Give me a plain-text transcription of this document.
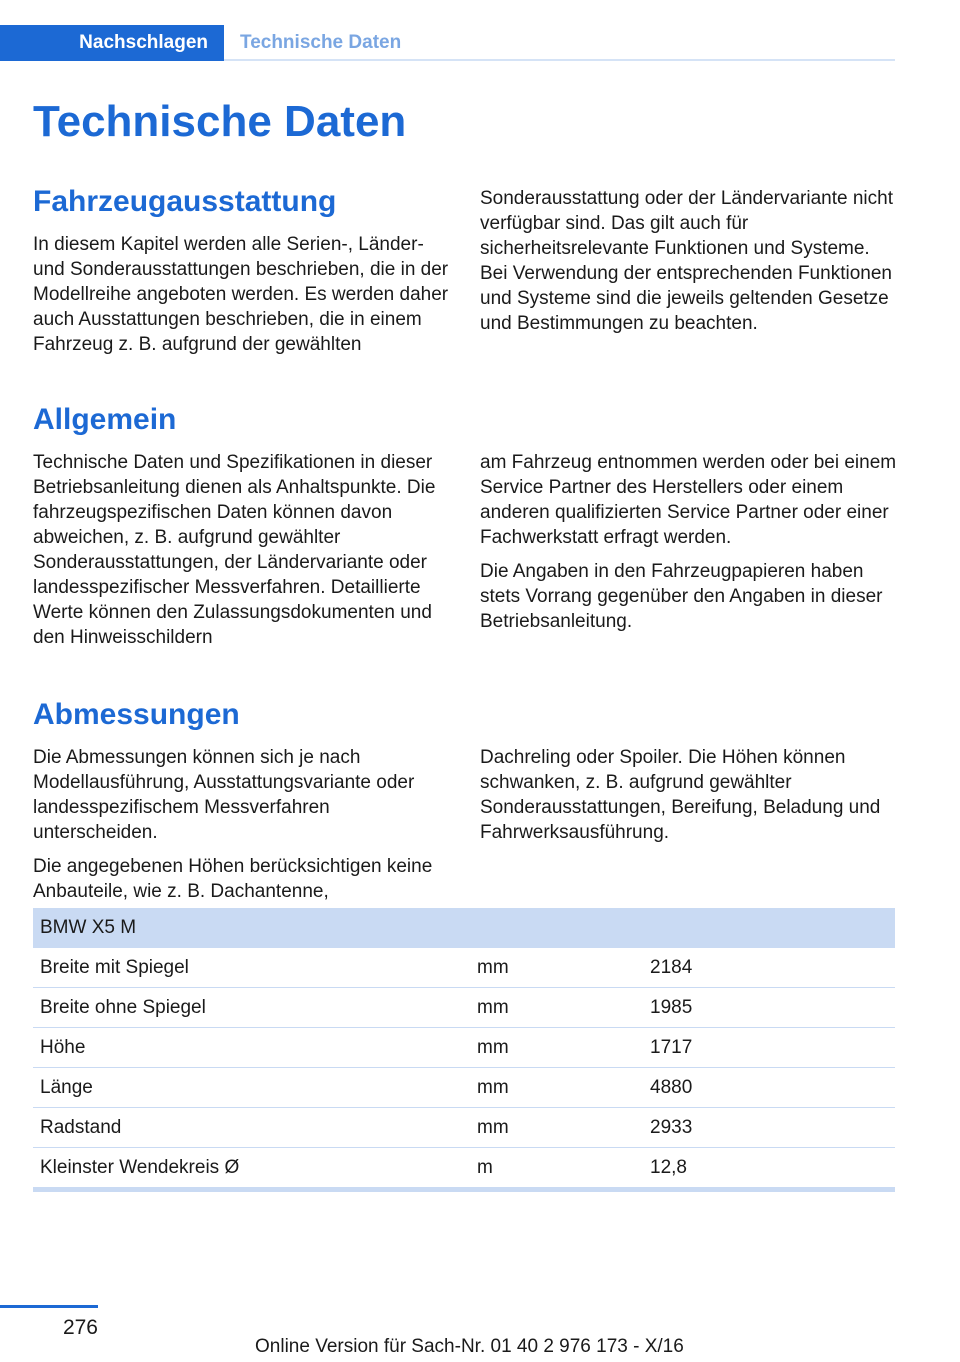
Nachschlagen	Technische Daten
Technische Daten
Fahrzeugausstattung

In diesem Kapitel werden alle Serien-, Länder- und Sonderausstattungen beschrieben, die in der Modellreihe angeboten werden. Es werden daher auch Ausstattungen beschrieben, die in einem Fahrzeug z. B. aufgrund der gewählten

Sonderausstattung oder der Ländervariante nicht verfügbar sind. Das gilt auch für sicherheitsrelevante Funktionen und Systeme. Bei Verwendung der entsprechenden Funktionen und Systeme sind die jeweils geltenden Gesetze und Bestimmungen zu beachten.

Allgemein

Technische Daten und Spezifikationen in dieser Betriebsanleitung dienen als Anhaltspunkte. Die fahrzeugspezifischen Daten können davon abweichen, z. B. aufgrund gewählter Sonderausstattungen, der Ländervariante oder landesspezifischer Messverfahren. Detaillierte Werte können den Zulassungsdokumenten und den Hinweisschildern

am Fahrzeug entnommen werden oder bei einem Service Partner des Herstellers oder einem anderen qualifizierten Service Partner oder einer Fachwerkstatt erfragt werden.

Die Angaben in den Fahrzeugpapieren haben stets Vorrang gegenüber den Angaben in dieser Betriebsanleitung.

Abmessungen

Die Abmessungen können sich je nach Modellausführung, Ausstattungsvariante oder landesspezifischem Messverfahren unterscheiden.

Die angegebenen Höhen berücksichtigen keine Anbauteile, wie z. B. Dachantenne,

Dachreling oder Spoiler. Die Höhen können schwanken, z. B. aufgrund gewählter Sonderausstattungen, Bereifung, Beladung und Fahrwerksausführung.

BMW X5 M		
Breite mit Spiegel	mm	2184
Breite ohne Spiegel	mm	1985
Höhe	mm	1717
Länge	mm	4880
Radstand	mm	2933
Kleinster Wendekreis Ø	m	12,8
276
Online Version für Sach-Nr. 01 40 2 976 173 - X/16
